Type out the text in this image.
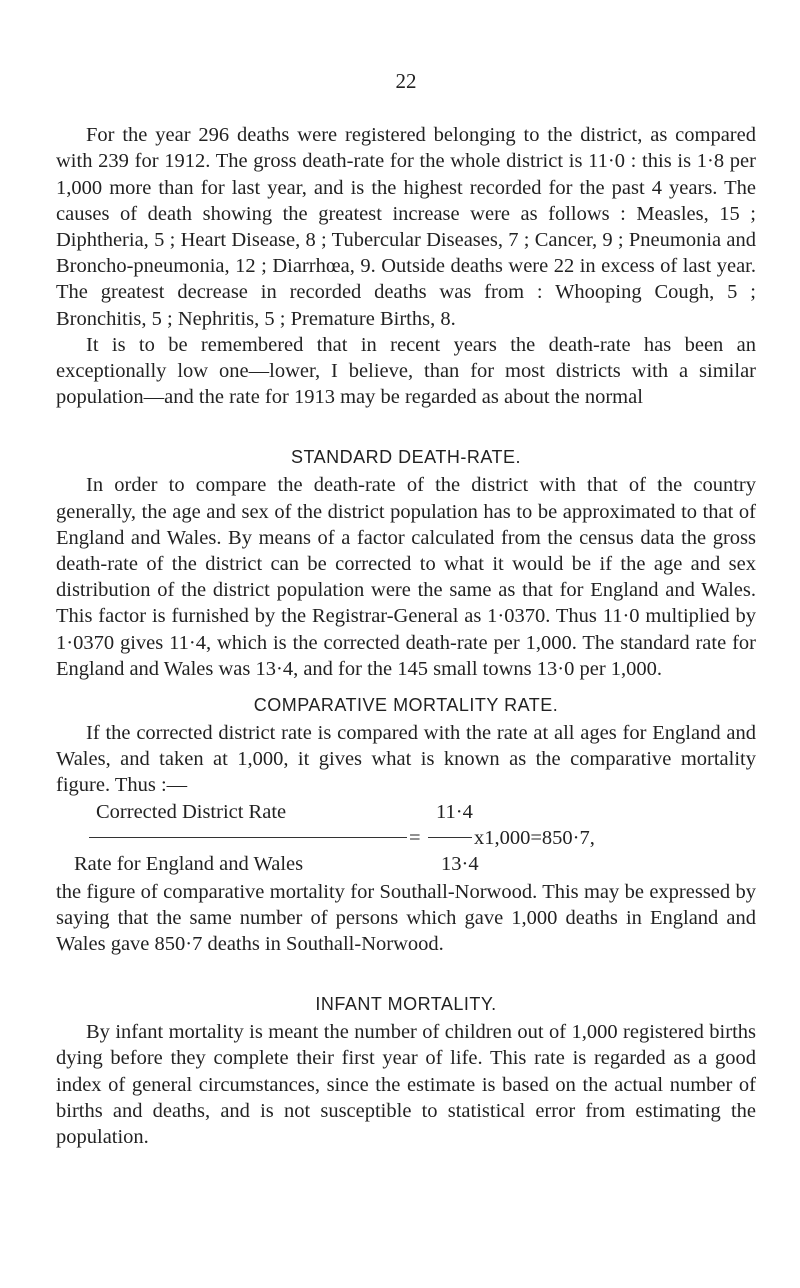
22

For the year 296 deaths were registered belonging to the district, as compared with 239 for 1912. The gross death-rate for the whole district is 11·0 : this is 1·8 per 1,000 more than for last year, and is the highest recorded for the past 4 years. The causes of death showing the greatest increase were as follows : Measles, 15 ; Diphtheria, 5 ; Heart Disease, 8 ; Tubercular Diseases, 7 ; Cancer, 9 ; Pneumonia and Broncho-pneumonia, 12 ; Diarrhœa, 9. Outside deaths were 22 in excess of last year. The greatest decrease in recorded deaths was from : Whooping Cough, 5 ; Bronchitis, 5 ; Nephritis, 5 ; Premature Births, 8.

It is to be remembered that in recent years the death-rate has been an exceptionally low one—lower, I believe, than for most districts with a similar population—and the rate for 1913 may be regarded as about the normal

STANDARD DEATH-RATE.

In order to compare the death-rate of the district with that of the country generally, the age and sex of the district population has to be approximated to that of England and Wales. By means of a factor calculated from the census data the gross death-rate of the district can be corrected to what it would be if the age and sex distribution of the district population were the same as that for England and Wales. This factor is furnished by the Registrar-General as 1·0370. Thus 11·0 multiplied by 1·0370 gives 11·4, which is the corrected death-rate per 1,000. The standard rate for England and Wales was 13·4, and for the 145 small towns 13·0 per 1,000.

COMPARATIVE MORTALITY RATE.

If the corrected district rate is compared with the rate at all ages for England and Wales, and taken at 1,000, it gives what is known as the comparative mortality figure. Thus :—

Corrected District Rate	11·4
=	x1,000=850·7,
Rate for England and Wales	13·4

the figure of comparative mortality for Southall-Norwood. This may be expressed by saying that the same number of persons which gave 1,000 deaths in England and Wales gave 850·7 deaths in Southall-Norwood.

INFANT MORTALITY.

By infant mortality is meant the number of children out of 1,000 registered births dying before they complete their first year of life. This rate is regarded as a good index of general circumstances, since the estimate is based on the actual number of births and deaths, and is not susceptible to statistical error from estimating the population.
